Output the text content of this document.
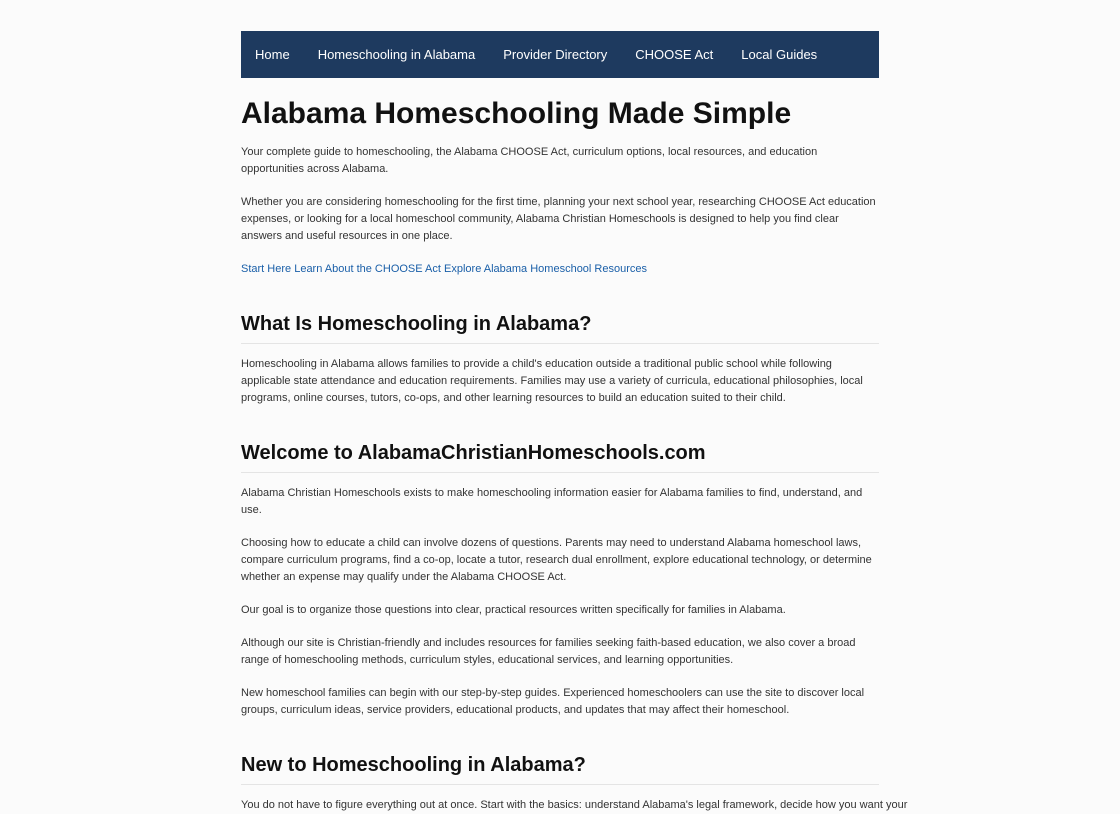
Home Homeschooling in Alabama Provider Directory CHOOSE Act Local Guides
Alabama Homeschooling Made Simple

Your complete guide to homeschooling, the Alabama CHOOSE Act, curriculum options, local resources, and education opportunities across Alabama.

Whether you are considering homeschooling for the first time, planning your next school year, researching CHOOSE Act education expenses, or looking for a local homeschool community, Alabama Christian Homeschools is designed to help you find clear answers and useful resources in one place.

Start Here Learn About the CHOOSE Act Explore Alabama Homeschool Resources

What Is Homeschooling in Alabama?

Homeschooling in Alabama allows families to provide a child's education outside a traditional public school while following applicable state attendance and education requirements. Families may use a variety of curricula, educational philosophies, local programs, online courses, tutors, co-ops, and other learning resources to build an education suited to their child.

Welcome to AlabamaChristianHomeschools.com

Alabama Christian Homeschools exists to make homeschooling information easier for Alabama families to find, understand, and use.

Choosing how to educate a child can involve dozens of questions. Parents may need to understand Alabama homeschool laws, compare curriculum programs, find a co-op, locate a tutor, research dual enrollment, explore educational technology, or determine whether an expense may qualify under the Alabama CHOOSE Act.

Our goal is to organize those questions into clear, practical resources written specifically for families in Alabama.

Although our site is Christian-friendly and includes resources for families seeking faith-based education, we also cover a broad range of homeschooling methods, curriculum styles, educational services, and learning opportunities.

New homeschool families can begin with our step-by-step guides. Experienced homeschoolers can use the site to discover local groups, curriculum ideas, service providers, educational products, and updates that may affect their homeschool.

New to Homeschooling in Alabama?

You do not have to figure everything out at once. Start with the basics: understand Alabama's legal framework, decide how you want your
